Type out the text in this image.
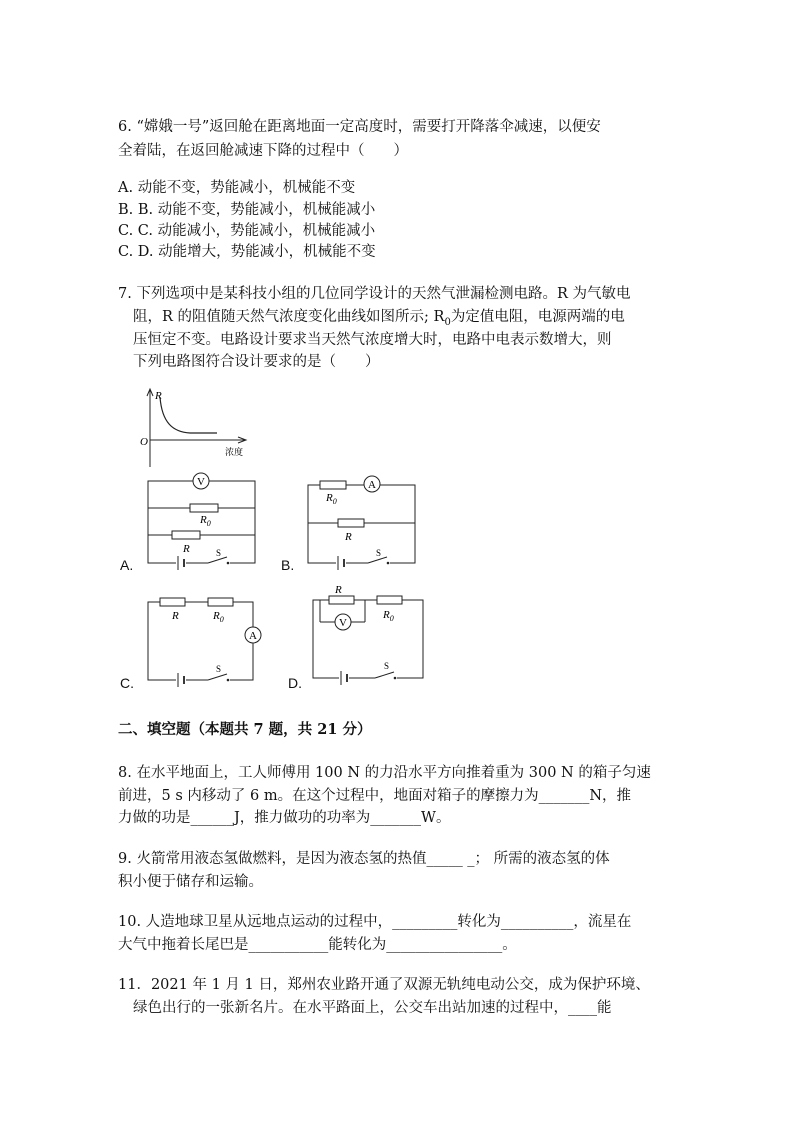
6. “嫦娥一号”返回舱在距离地面一定高度时，需要打开降落伞减速，以便安
全着陆，在返回舱减速下降的过程中（　　）
A. 动能不变，势能减小，机械能不变
B. B. 动能不变，势能减小，机械能减小
C. C. 动能减小，势能减小，机械能减小
C. D. 动能增大，势能减小，机械能不变
7. 下列选项中是某科技小组的几位同学设计的天然气泄漏检测电路。R 为气敏电
阻，R 的阻值随天然气浓度变化曲线如图所示; $R_0$为定值电阻，电源两端的电
压恒定不变。电路设计要求当天然气浓度增大时，电路中电表示数增大，则
下列电路图符合设计要求的是（　　）
R
O
浓度
V
$R_0$
R	S
A.
$R_0$
A
R
S
B.
R	$R_0$
A
S
C.
R
V
$R_0$
S
D.
二、填空题（本题共 7 题，共 21 分）
8. 在水平地面上，工人师傅用 100 N 的力沿水平方向推着重为 300 N 的箱子匀速
前进，5 s 内移动了 6 m。在这个过程中，地面对箱子的摩擦力为_______N，推
力做的功是______J，推力做功的功率为_______W。
9. 火箭常用液态氢做燃料，是因为液态氢的热值_____ _； 所需的液态氢的体
积小便于储存和运输。
10. 人造地球卫星从远地点运动的过程中，_________转化为__________，流星在
大气中拖着长尾巴是___________能转化为________________。
11．2021 年 1 月 1 日，郑州农业路开通了双源无轨纯电动公交，成为保护环境、
绿色出行的一张新名片。在水平路面上，公交车出站加速的过程中，____能
